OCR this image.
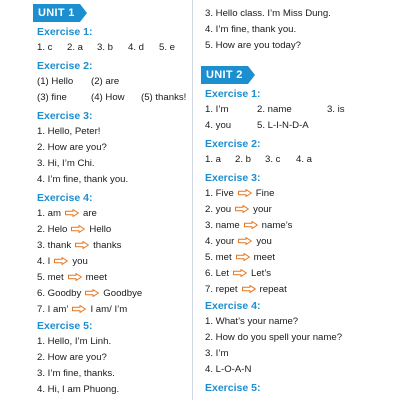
UNIT 1
Exercise 1:
1. c 2. a 3. b 4. d 5. e
Exercise 2:
(1) Hello (2) are
(3) fine	(4) How (5) thanks!
Exercise 3:
1. Hello, Peter!
2. How are you?
3. Hi, I’m Chi.
4. I’m fine, thank you.
Exercise 4:
1. am are
2. Helo Hello
3. thank thanks
4. I you
5. met meet
6. Goodby Goodbye
7. I am’ I am/ I’m
Exercise 5:
1. Hello, I’m Linh.
2. How are you?
3. I’m fine, thanks.
4. Hi, I am Phuong.
3. Hello class. I’m Miss Dung.
4. I’m fine, thank you.
5. How are you today?
UNIT 2
Exercise 1:
1. I’m	2. name	3. is
4. you	5. L-I-N-D-A
Exercise 2:
1. a 2. b 3. c 4. a
Exercise 3:
1. Five Fine
2. you your
3. name name’s
4. your you
5. met meet
6. Let Let’s
7. repet repeat
Exercise 4:
1. What’s your name?
2. How do you spell your name?
3. I’m
4. L-O-A-N
Exercise 5:
